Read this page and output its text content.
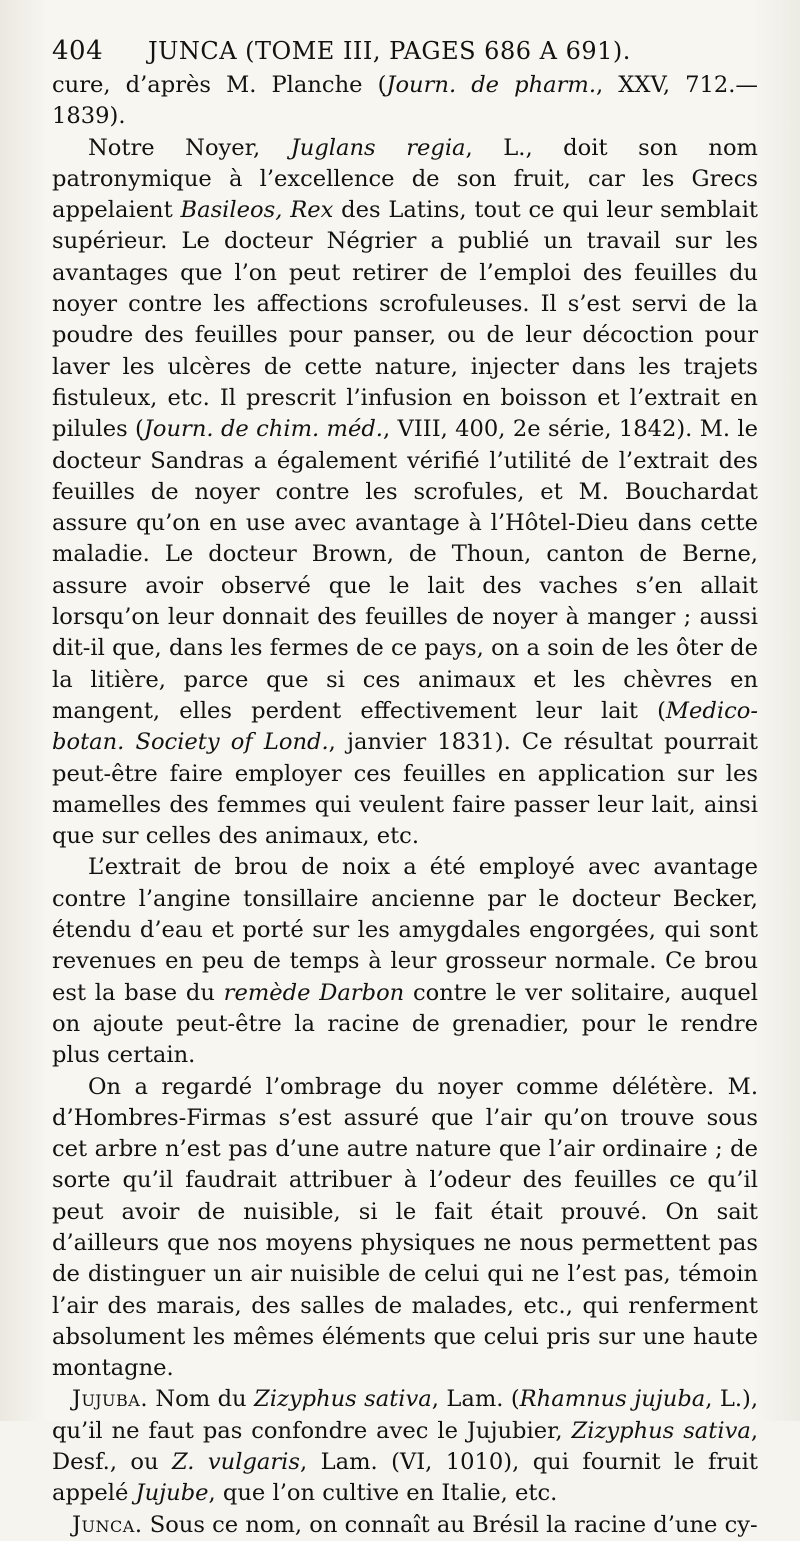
404	JUNCA (TOME III, PAGES 686 A 691).

cure, d’après M. Planche (Journ. de pharm., XXV, 712.—1839).

Notre Noyer, Juglans regia, L., doit son nom patronymique à l’excellence de son fruit, car les Grecs appelaient Basileos, Rex des Latins, tout ce qui leur semblait supérieur. Le docteur Négrier a publié un travail sur les avantages que l’on peut retirer de l’emploi des feuilles du noyer contre les affections scrofuleuses. Il s’est servi de la poudre des feuilles pour panser, ou de leur décoction pour laver les ulcères de cette nature, injecter dans les trajets fistuleux, etc. Il prescrit l’infusion en boisson et l’extrait en pilules (Journ. de chim. méd., VIII, 400, 2e série, 1842). M. le docteur Sandras a également vérifié l’utilité de l’extrait des feuilles de noyer contre les scrofules, et M. Bouchardat assure qu’on en use avec avantage à l’Hôtel-Dieu dans cette maladie. Le docteur Brown, de Thoun, canton de Berne, assure avoir observé que le lait des vaches s’en allait lorsqu’on leur donnait des feuilles de noyer à manger ; aussi dit-il que, dans les fermes de ce pays, on a soin de les ôter de la litière, parce que si ces animaux et les chèvres en mangent, elles perdent effectivement leur lait (Medico-botan. Society of Lond., janvier 1831). Ce résultat pourrait peut-être faire employer ces feuilles en application sur les mamelles des femmes qui veulent faire passer leur lait, ainsi que sur celles des animaux, etc.

L’extrait de brou de noix a été employé avec avantage contre l’angine tonsillaire ancienne par le docteur Becker, étendu d’eau et porté sur les amygdales engorgées, qui sont revenues en peu de temps à leur grosseur normale. Ce brou est la base du remède Darbon contre le ver solitaire, auquel on ajoute peut-être la racine de grenadier, pour le rendre plus certain.

On a regardé l’ombrage du noyer comme délétère. M. d’Hombres-Firmas s’est assuré que l’air qu’on trouve sous cet arbre n’est pas d’une autre nature que l’air ordinaire ; de sorte qu’il faudrait attribuer à l’odeur des feuilles ce qu’il peut avoir de nuisible, si le fait était prouvé. On sait d’ailleurs que nos moyens physiques ne nous permettent pas de distinguer un air nuisible de celui qui ne l’est pas, témoin l’air des marais, des salles de malades, etc., qui renferment absolument les mêmes éléments que celui pris sur une haute montagne.

Jujuba. Nom du Zizyphus sativa, Lam. (Rhamnus jujuba, L.), qu’il ne faut pas confondre avec le Jujubier, Zizyphus sativa, Desf., ou Z. vulgaris, Lam. (VI, 1010), qui fournit le fruit appelé Jujube, que l’on cultive en Italie, etc.

Junca. Sous ce nom, on connaît au Brésil la racine d’une cy-
